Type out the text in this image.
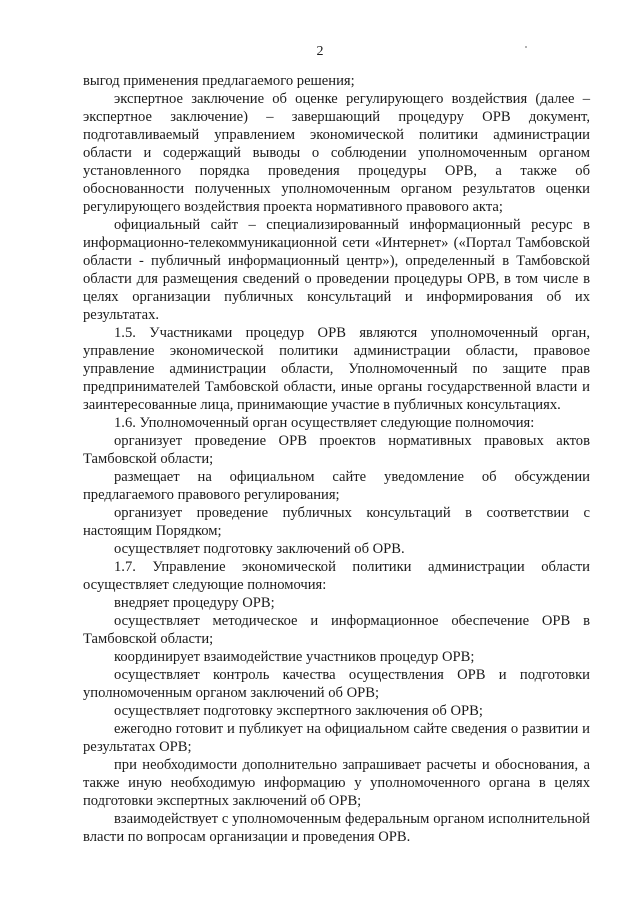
2

выгод применения предлагаемого решения;

экспертное заключение об оценке регулирующего воздействия (далее – экспертное заключение) – завершающий процедуру ОРВ документ, подготавливаемый управлением экономической политики администрации области и содержащий выводы о соблюдении уполномоченным органом установленного порядка проведения процедуры ОРВ, а также об обоснованности полученных уполномоченным органом результатов оценки регулирующего воздействия проекта нормативного правового акта;

официальный сайт – специализированный информационный ресурс в информационно-телекоммуникационной сети «Интернет» («Портал Тамбовской области - публичный информационный центр»), определенный в Тамбовской области для размещения сведений о проведении процедуры ОРВ, в том числе в целях организации публичных консультаций и информирования об их результатах.

1.5. Участниками процедур ОРВ являются уполномоченный орган, управление экономической политики администрации области, правовое управление администрации области, Уполномоченный по защите прав предпринимателей Тамбовской области, иные органы государственной власти и заинтересованные лица, принимающие участие в публичных консультациях.

1.6. Уполномоченный орган осуществляет следующие полномочия:

организует проведение ОРВ проектов нормативных правовых актов Тамбовской области;

размещает на официальном сайте уведомление об обсуждении предлагаемого правового регулирования;

организует проведение публичных консультаций в соответствии с настоящим Порядком;

осуществляет подготовку заключений об ОРВ.

1.7. Управление экономической политики администрации области осуществляет следующие полномочия:

внедряет процедуру ОРВ;

осуществляет методическое и информационное обеспечение ОРВ в Тамбовской области;

координирует взаимодействие участников процедур ОРВ;

осуществляет контроль качества осуществления ОРВ и подготовки уполномоченным органом заключений об ОРВ;

осуществляет подготовку экспертного заключения об ОРВ;

ежегодно готовит и публикует на официальном сайте сведения о развитии и результатах ОРВ;

при необходимости дополнительно запрашивает расчеты и обоснования, а также иную необходимую информацию у уполномоченного органа в целях подготовки экспертных заключений об ОРВ;

взаимодействует с уполномоченным федеральным органом исполнительной власти по вопросам организации и проведения ОРВ.
